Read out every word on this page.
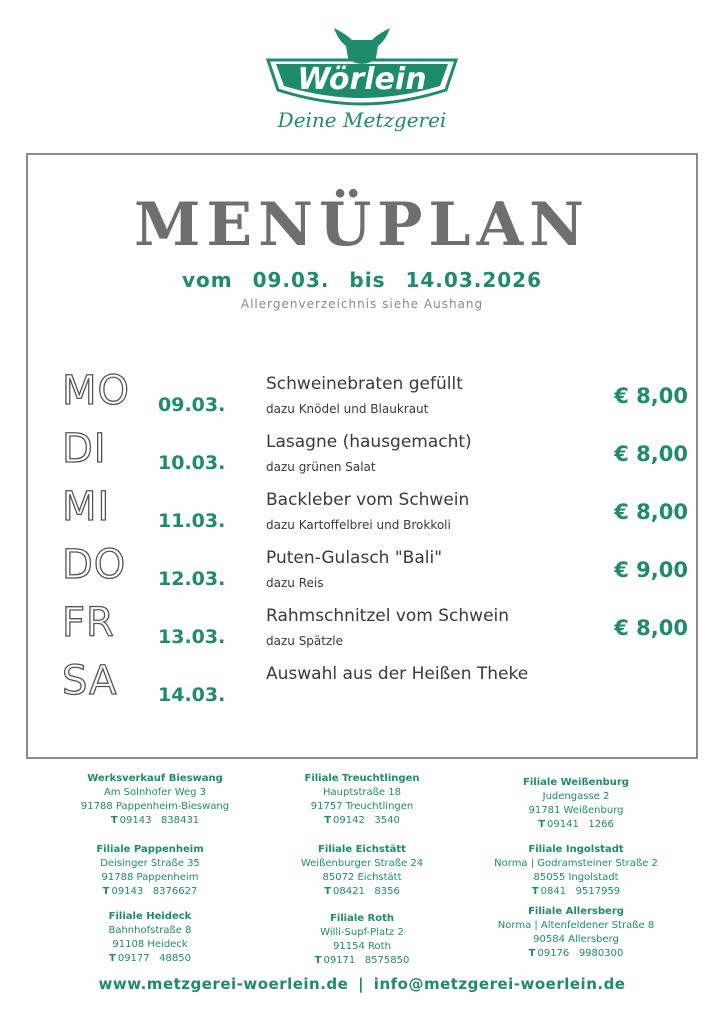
Wörlein
Deine Metzgerei
MENÜPLAN
vom 09.03. bis 14.03.2026
Allergenverzeichnis siehe Aushang
MO 09.03.
Schweinebraten gefüllt
dazu Knödel und Blaukraut
€ 8,00
DI	10.03.
Lasagne (hausgemacht)
dazu grünen Salat
€ 8,00
MI	11.03.
Backleber vom Schwein
dazu Kartoffelbrei und Brokkoli
€ 8,00
DO 12.03.
Puten-Gulasch "Bali"
dazu Reis
€ 9,00
FR 13.03.
Rahmschnitzel vom Schwein
dazu Spätzle
€ 8,00
SA 14.03.
Auswahl aus der Heißen Theke
Werksverkauf Bieswang
Am Solnhofer Weg 3
91788 Pappenheim-Bieswang
T 09143   838431
Filiale Treuchtlingen
Hauptstraße 18
91757 Treuchtlingen
T 09142   3540
Filiale Weißenburg
Judengasse 2
91781 Weißenburg
T 09141   1266
Filiale Pappenheim
Deisinger Straße 35
91788 Pappenheim
T 09143   8376627
Filiale Eichstätt
Weißenburger Straße 24
85072 Eichstätt
T 08421   8356
Filiale Ingolstadt
Norma | Godramsteiner Straße 2
85055 Ingolstadt
T 0841   9517959
Filiale Heideck
Bahnhofstraße 8
91108 Heideck
T 09177   48850
Filiale Roth
Willi-Supf-Platz 2
91154 Roth
T 09171   8575850
Filiale Allersberg
Norma | Altenfeldener Straße 8
90584 Allersberg
T 09176   9980300
www.metzgerei-woerlein.de | info@metzgerei-woerlein.de
